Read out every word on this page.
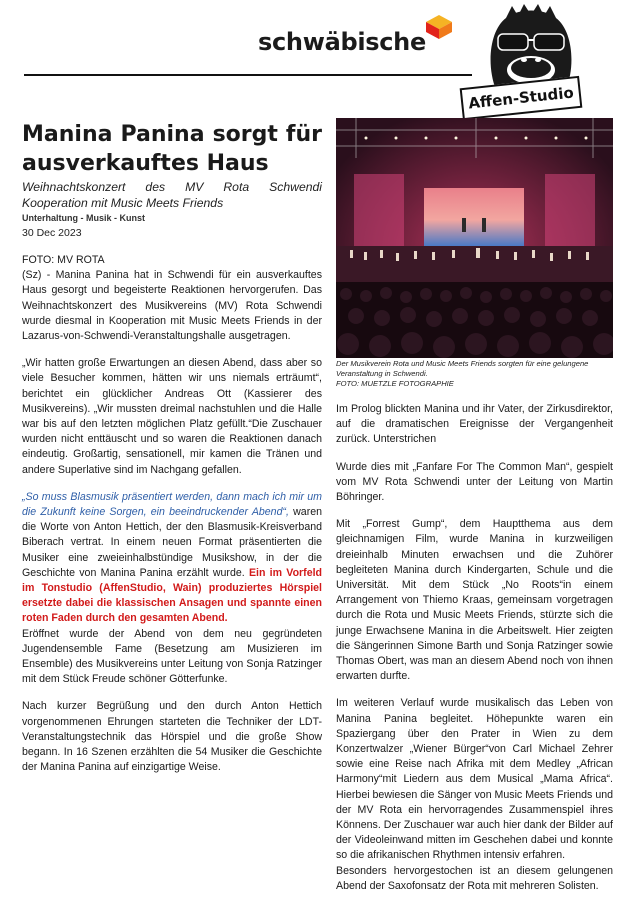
schwäbische
Affen-Studio
Manina Panina sorgt für ausverkauftes Haus
Weihnachtskonzert des MV Rota Schwendi Kooperation mit Music Meets Friends
Unterhaltung - Musik - Kunst
30 Dec 2023

FOTO: MV ROTA

(Sz) - Manina Panina hat in Schwendi für ein ausverkauftes Haus gesorgt und begeisterte Reaktionen hervorgerufen. Das Weihnachtskonzert des Musikvereins (MV) Rota Schwendi wurde diesmal in Kooperation mit Music Meets Friends in der Lazarus-von-Schwendi-Veranstaltungshalle ausgetragen.

„Wir hatten große Erwartungen an diesen Abend, dass aber so viele Besucher kommen, hätten wir uns niemals erträumt“, berichtet ein glücklicher Andreas Ott (Kassierer des Musikvereins). „Wir mussten dreimal nachstuhlen und die Halle war bis auf den letzten möglichen Platz gefüllt.“Die Zuschauer wurden nicht enttäuscht und so waren die Reaktionen danach eindeutig. Großartig, sensationell, mir kamen die Tränen und andere Superlative sind im Nachgang gefallen.

„So muss Blasmusik präsentiert werden, dann mach ich mir um die Zukunft keine Sorgen, ein beeindruckender Abend“, waren die Worte von Anton Hettich, der den Blasmusik-Kreisverband Biberach vertrat. In einem neuen Format präsentierten die Musiker eine zweieinhalbstündige Musikshow, in der die Geschichte von Manina Panina erzählt wurde. Ein im Vorfeld im Tonstudio (AffenStudio, Wain) produziertes Hörspiel ersetzte dabei die klassischen Ansagen und spannte einen roten Faden durch den gesamten Abend.

Eröffnet wurde der Abend von dem neu gegründeten Jugendensemble Fame (Besetzung am Musizieren im Ensemble) des Musikvereins unter Leitung von Sonja Ratzinger mit dem Stück Freude schöner Götterfunke.

Nach kurzer Begrüßung und den durch Anton Hettich vorgenommenen Ehrungen starteten die Techniker der LDT-Veranstaltungstechnik das Hörspiel und die große Show begann. In 16 Szenen erzählten die 54 Musiker die Geschichte der Manina Panina auf einzigartige Weise.

Der Musikverein Rota und Music Meets Friends sorgten für eine gelungene Veranstaltung in Schwendi.
FOTO: MUETZLE FOTOGRAPHIE

Im Prolog blickten Manina und ihr Vater, der Zirkusdirektor, auf die dramatischen Ereignisse der Vergangenheit zurück. Unterstrichen

Wurde dies mit „Fanfare For The Common Man“, gespielt vom MV Rota Schwendi unter der Leitung von Martin Böhringer.

Mit „Forrest Gump“, dem Hauptthema aus dem gleichnamigen Film, wurde Manina in kurzweiligen dreieinhalb Minuten erwachsen und die Zuhörer begleiteten Manina durch Kindergarten, Schule und die Universität. Mit dem Stück „No Roots“in einem Arrangement von Thiemo Kraas, gemeinsam vorgetragen durch die Rota und Music Meets Friends, stürzte sich die junge Erwachsene Manina in die Arbeitswelt. Hier zeigten die Sängerinnen Simone Barth und Sonja Ratzinger sowie Thomas Obert, was man an diesem Abend noch von ihnen erwarten durfte.

Im weiteren Verlauf wurde musikalisch das Leben von Manina Panina begleitet. Höhepunkte waren ein Spaziergang über den Prater in Wien zu dem Konzertwalzer „Wiener Bürger“von Carl Michael Zehrer sowie eine Reise nach Afrika mit dem Medley „African Harmony“mit Liedern aus dem Musical „Mama Africa“. Hierbei bewiesen die Sänger von Music Meets Friends und der MV Rota ein hervorragendes Zusammenspiel ihres Könnens. Der Zuschauer war auch hier dank der Bilder auf der Videoleinwand mitten im Geschehen dabei und konnte so die afrikanischen Rhythmen intensiv erfahren.

Besonders hervorgestochen ist an diesem gelungenen Abend der Saxofonsatz der Rota mit mehreren Solisten.
